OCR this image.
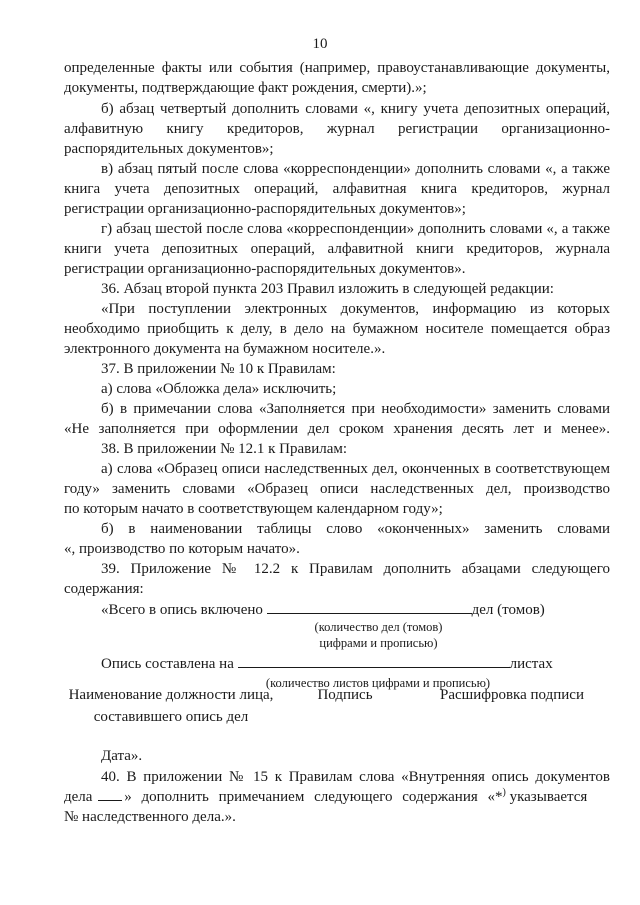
10
определенные факты или события (например, правоустанавливающие документы,
документы, подтверждающие факт рождения, смерти).»;
б) абзац четвертый дополнить словами «, книгу учета депозитных операций,
алфавитную книгу кредиторов, журнал регистрации организационно-
распорядительных документов»;
в) абзац пятый после слова «корреспонденции» дополнить словами «, а также
книга учета депозитных операций, алфавитная книга кредиторов, журнал
регистрации организационно-распорядительных документов»;
г) абзац шестой после слова «корреспонденции» дополнить словами «, а также
книги учета депозитных операций, алфавитной книги кредиторов, журнала
регистрации организационно-распорядительных документов».
36. Абзац второй пункта 203 Правил изложить в следующей редакции:
«При поступлении электронных документов, информацию из которых
необходимо приобщить к делу, в дело на бумажном носителе помещается образ
электронного документа на бумажном носителе.».
37. В приложении № 10 к Правилам:
а) слова «Обложка дела» исключить;
б) в примечании слова «Заполняется при необходимости» заменить словами
«Не заполняется при оформлении дел сроком хранения десять лет и менее».
38. В приложении № 12.1 к Правилам:
а) слова «Образец описи наследственных дел, оконченных в соответствующем
году» заменить словами «Образец описи наследственных дел, производство
по которым начато в соответствующем календарном году»;
б) в наименовании таблицы слово «оконченных» заменить словами
«, производство по которым начато».
39. Приложение № 12.2 к Правилам дополнить абзацами следующего
содержания:
«Всего в опись включено	дел (томов)
(количество дел (томов)
цифрами и прописью)
Опись составлена на	листах
(количество листов цифрами и прописью)
Наименование должности лица,
составившего опись дел
Подпись	Расшифровка подписи
Дата».
40. В приложении № 15 к Правилам слова «Внутренняя опись документов
дела » дополнить примечанием следующего содержания «*) указывается
№ наследственного дела.».
